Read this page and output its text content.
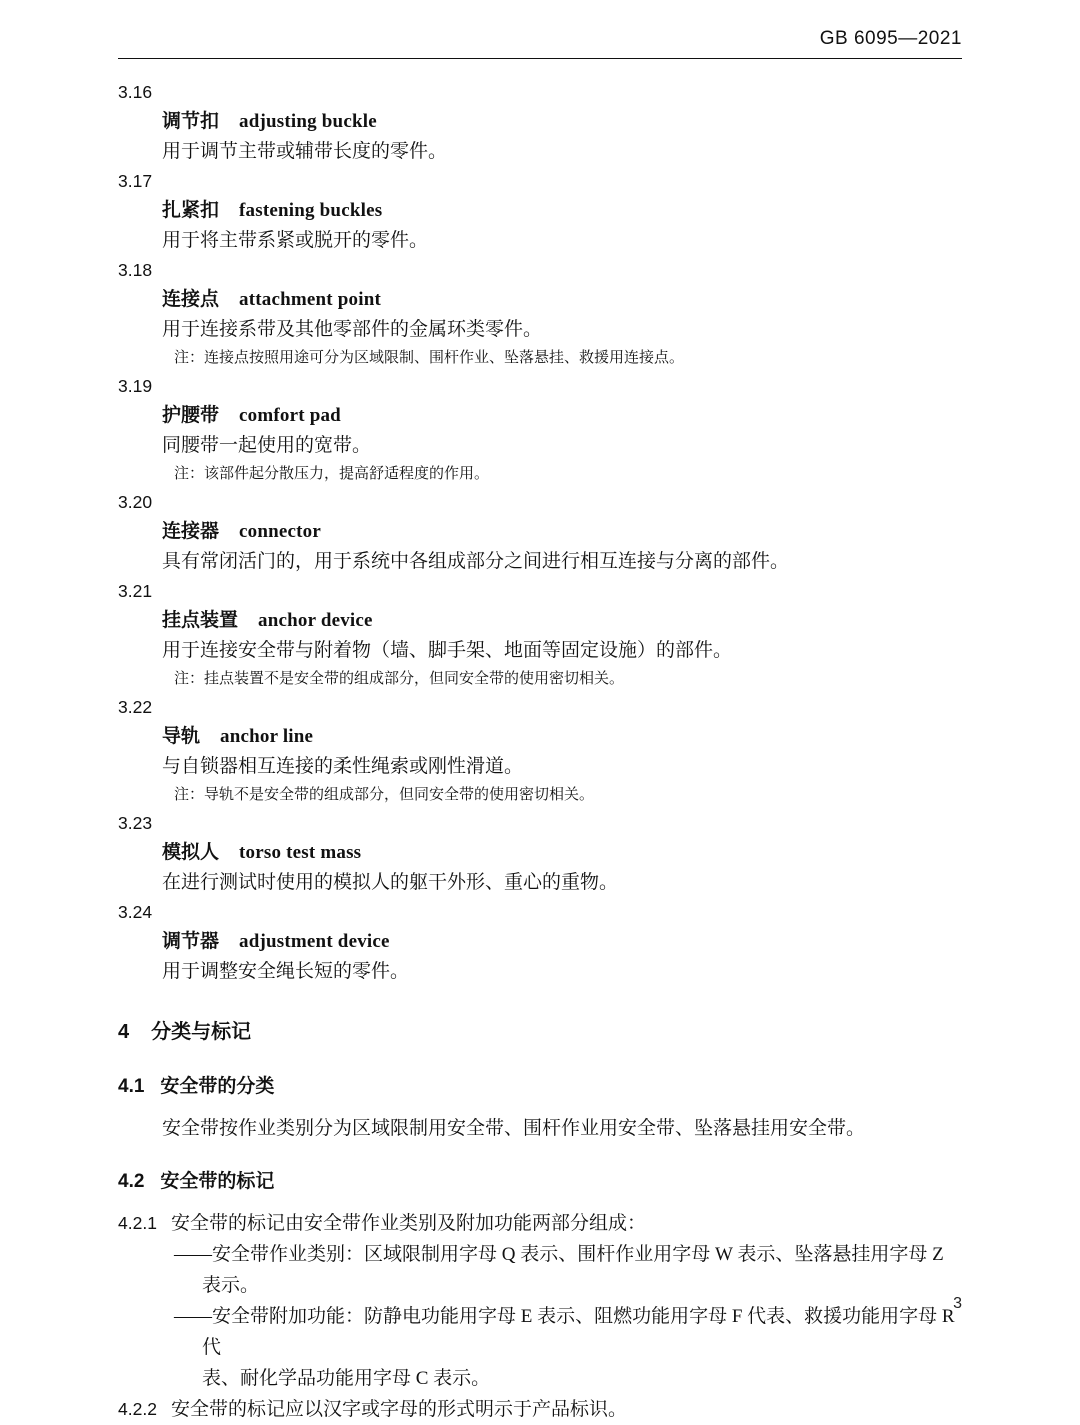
GB 6095—2021

3.16

调节扣 adjusting buckle

用于调节主带或辅带长度的零件。

3.17

扎紧扣 fastening buckles

用于将主带系紧或脱开的零件。

3.18

连接点 attachment point

用于连接系带及其他零部件的金属环类零件。

注：连接点按照用途可分为区域限制、围杆作业、坠落悬挂、救援用连接点。

3.19

护腰带 comfort pad

同腰带一起使用的宽带。

注：该部件起分散压力，提高舒适程度的作用。

3.20

连接器 connector

具有常闭活门的，用于系统中各组成部分之间进行相互连接与分离的部件。

3.21

挂点装置 anchor device

用于连接安全带与附着物（墙、脚手架、地面等固定设施）的部件。

注：挂点装置不是安全带的组成部分，但同安全带的使用密切相关。

3.22

导轨 anchor line

与自锁器相互连接的柔性绳索或刚性滑道。

注：导轨不是安全带的组成部分，但同安全带的使用密切相关。

3.23

模拟人 torso test mass

在进行测试时使用的模拟人的躯干外形、重心的重物。

3.24

调节器 adjustment device

用于调整安全绳长短的零件。

4 分类与标记

4.1 安全带的分类

安全带按作业类别分为区域限制用安全带、围杆作业用安全带、坠落悬挂用安全带。

4.2 安全带的标记

4.2.1 安全带的标记由安全带作业类别及附加功能两部分组成：

——安全带作业类别：区域限制用字母 Q 表示、围杆作业用字母 W 表示、坠落悬挂用字母 Z 表示。

——安全带附加功能：防静电功能用字母 E 表示、阻燃功能用字母 F 代表、救援功能用字母 R 代

表、耐化学品功能用字母 C 表示。

4.2.2 安全带的标记应以汉字或字母的形式明示于产品标识。

3
